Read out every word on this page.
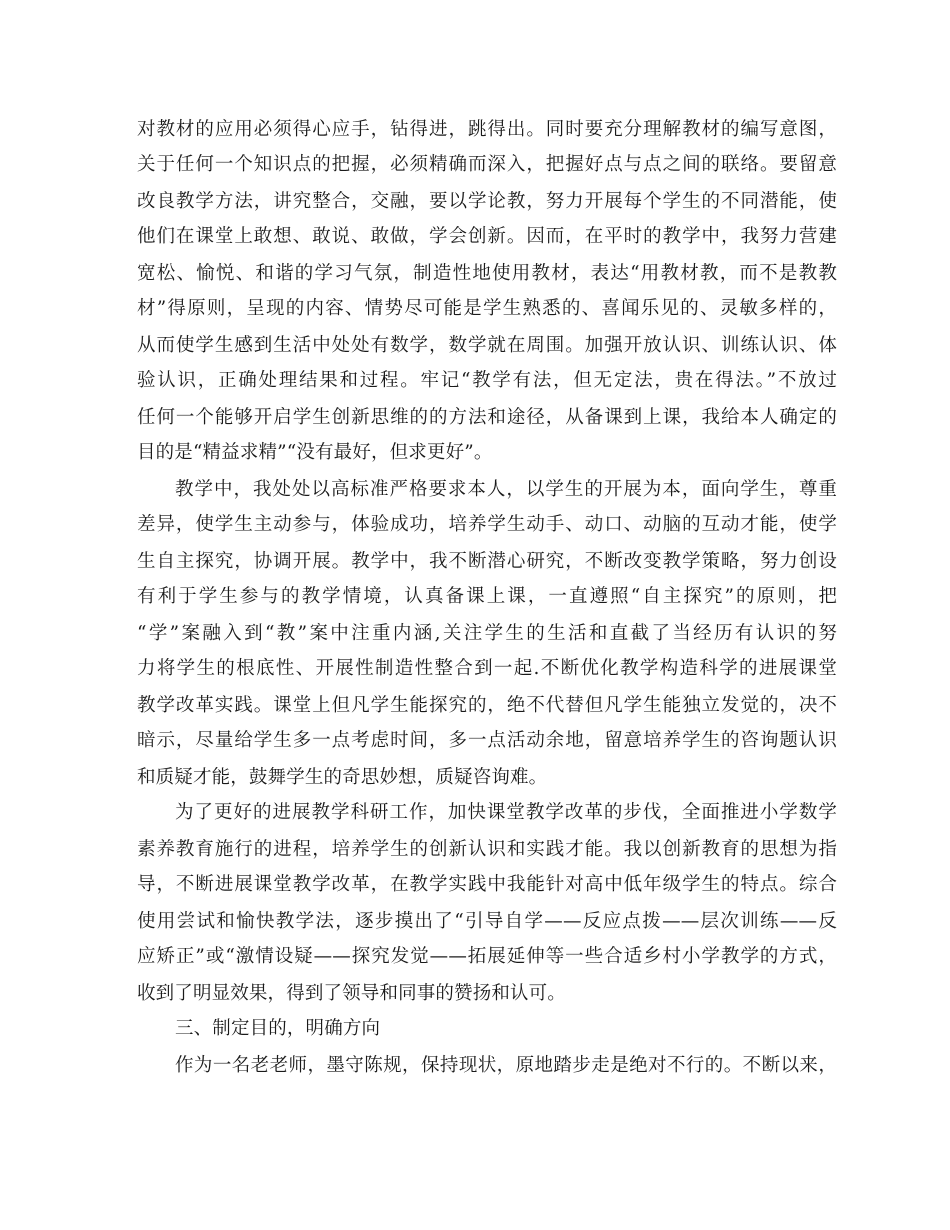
对教材的应用必须得心应手，钻得进，跳得出。同时要充分理解教材的编写意图，
关于任何一个知识点的把握，必须精确而深入，把握好点与点之间的联络。要留意
改良教学方法，讲究整合，交融，要以学论教，努力开展每个学生的不同潜能，使
他们在课堂上敢想、敢说、敢做，学会创新。因而，在平时的教学中，我努力营建
宽松、愉悦、和谐的学习气氛，制造性地使用教材，表达“用教材教，而不是教教
材”得原则，呈现的内容、情势尽可能是学生熟悉的、喜闻乐见的、灵敏多样的，
从而使学生感到生活中处处有数学，数学就在周围。加强开放认识、训练认识、体
验认识，正确处理结果和过程。牢记“教学有法，但无定法，贵在得法。”不放过
任何一个能够开启学生创新思维的的方法和途径，从备课到上课，我给本人确定的
目的是“精益求精”“没有最好，但求更好”。
教学中，我处处以高标准严格要求本人，以学生的开展为本，面向学生，尊重
差异，使学生主动参与，体验成功，培养学生动手、动口、动脑的互动才能，使学
生自主探究，协调开展。教学中，我不断潜心研究，不断改变教学策略，努力创设
有利于学生参与的教学情境，认真备课上课，一直遵照“自主探究”的原则，把
“学”案融入到“教”案中注重内涵,关注学生的生活和直截了当经历有认识的努
力将学生的根底性、开展性制造性整合到一起.不断优化教学构造科学的进展课堂
教学改革实践。课堂上但凡学生能探究的，绝不代替但凡学生能独立发觉的，决不
暗示，尽量给学生多一点考虑时间，多一点活动余地，留意培养学生的咨询题认识
和质疑才能，鼓舞学生的奇思妙想，质疑咨询难。
为了更好的进展教学科研工作，加快课堂教学改革的步伐，全面推进小学数学
素养教育施行的进程，培养学生的创新认识和实践才能。我以创新教育的思想为指
导，不断进展课堂教学改革，在教学实践中我能针对高中低年级学生的特点。综合
使用尝试和愉快教学法，逐步摸出了“引导自学——反应点拨——层次训练——反
应矫正”或“激情设疑——探究发觉——拓展延伸等一些合适乡村小学教学的方式，
收到了明显效果，得到了领导和同事的赞扬和认可。
三、制定目的，明确方向
作为一名老老师，墨守陈规，保持现状，原地踏步走是绝对不行的。不断以来，
